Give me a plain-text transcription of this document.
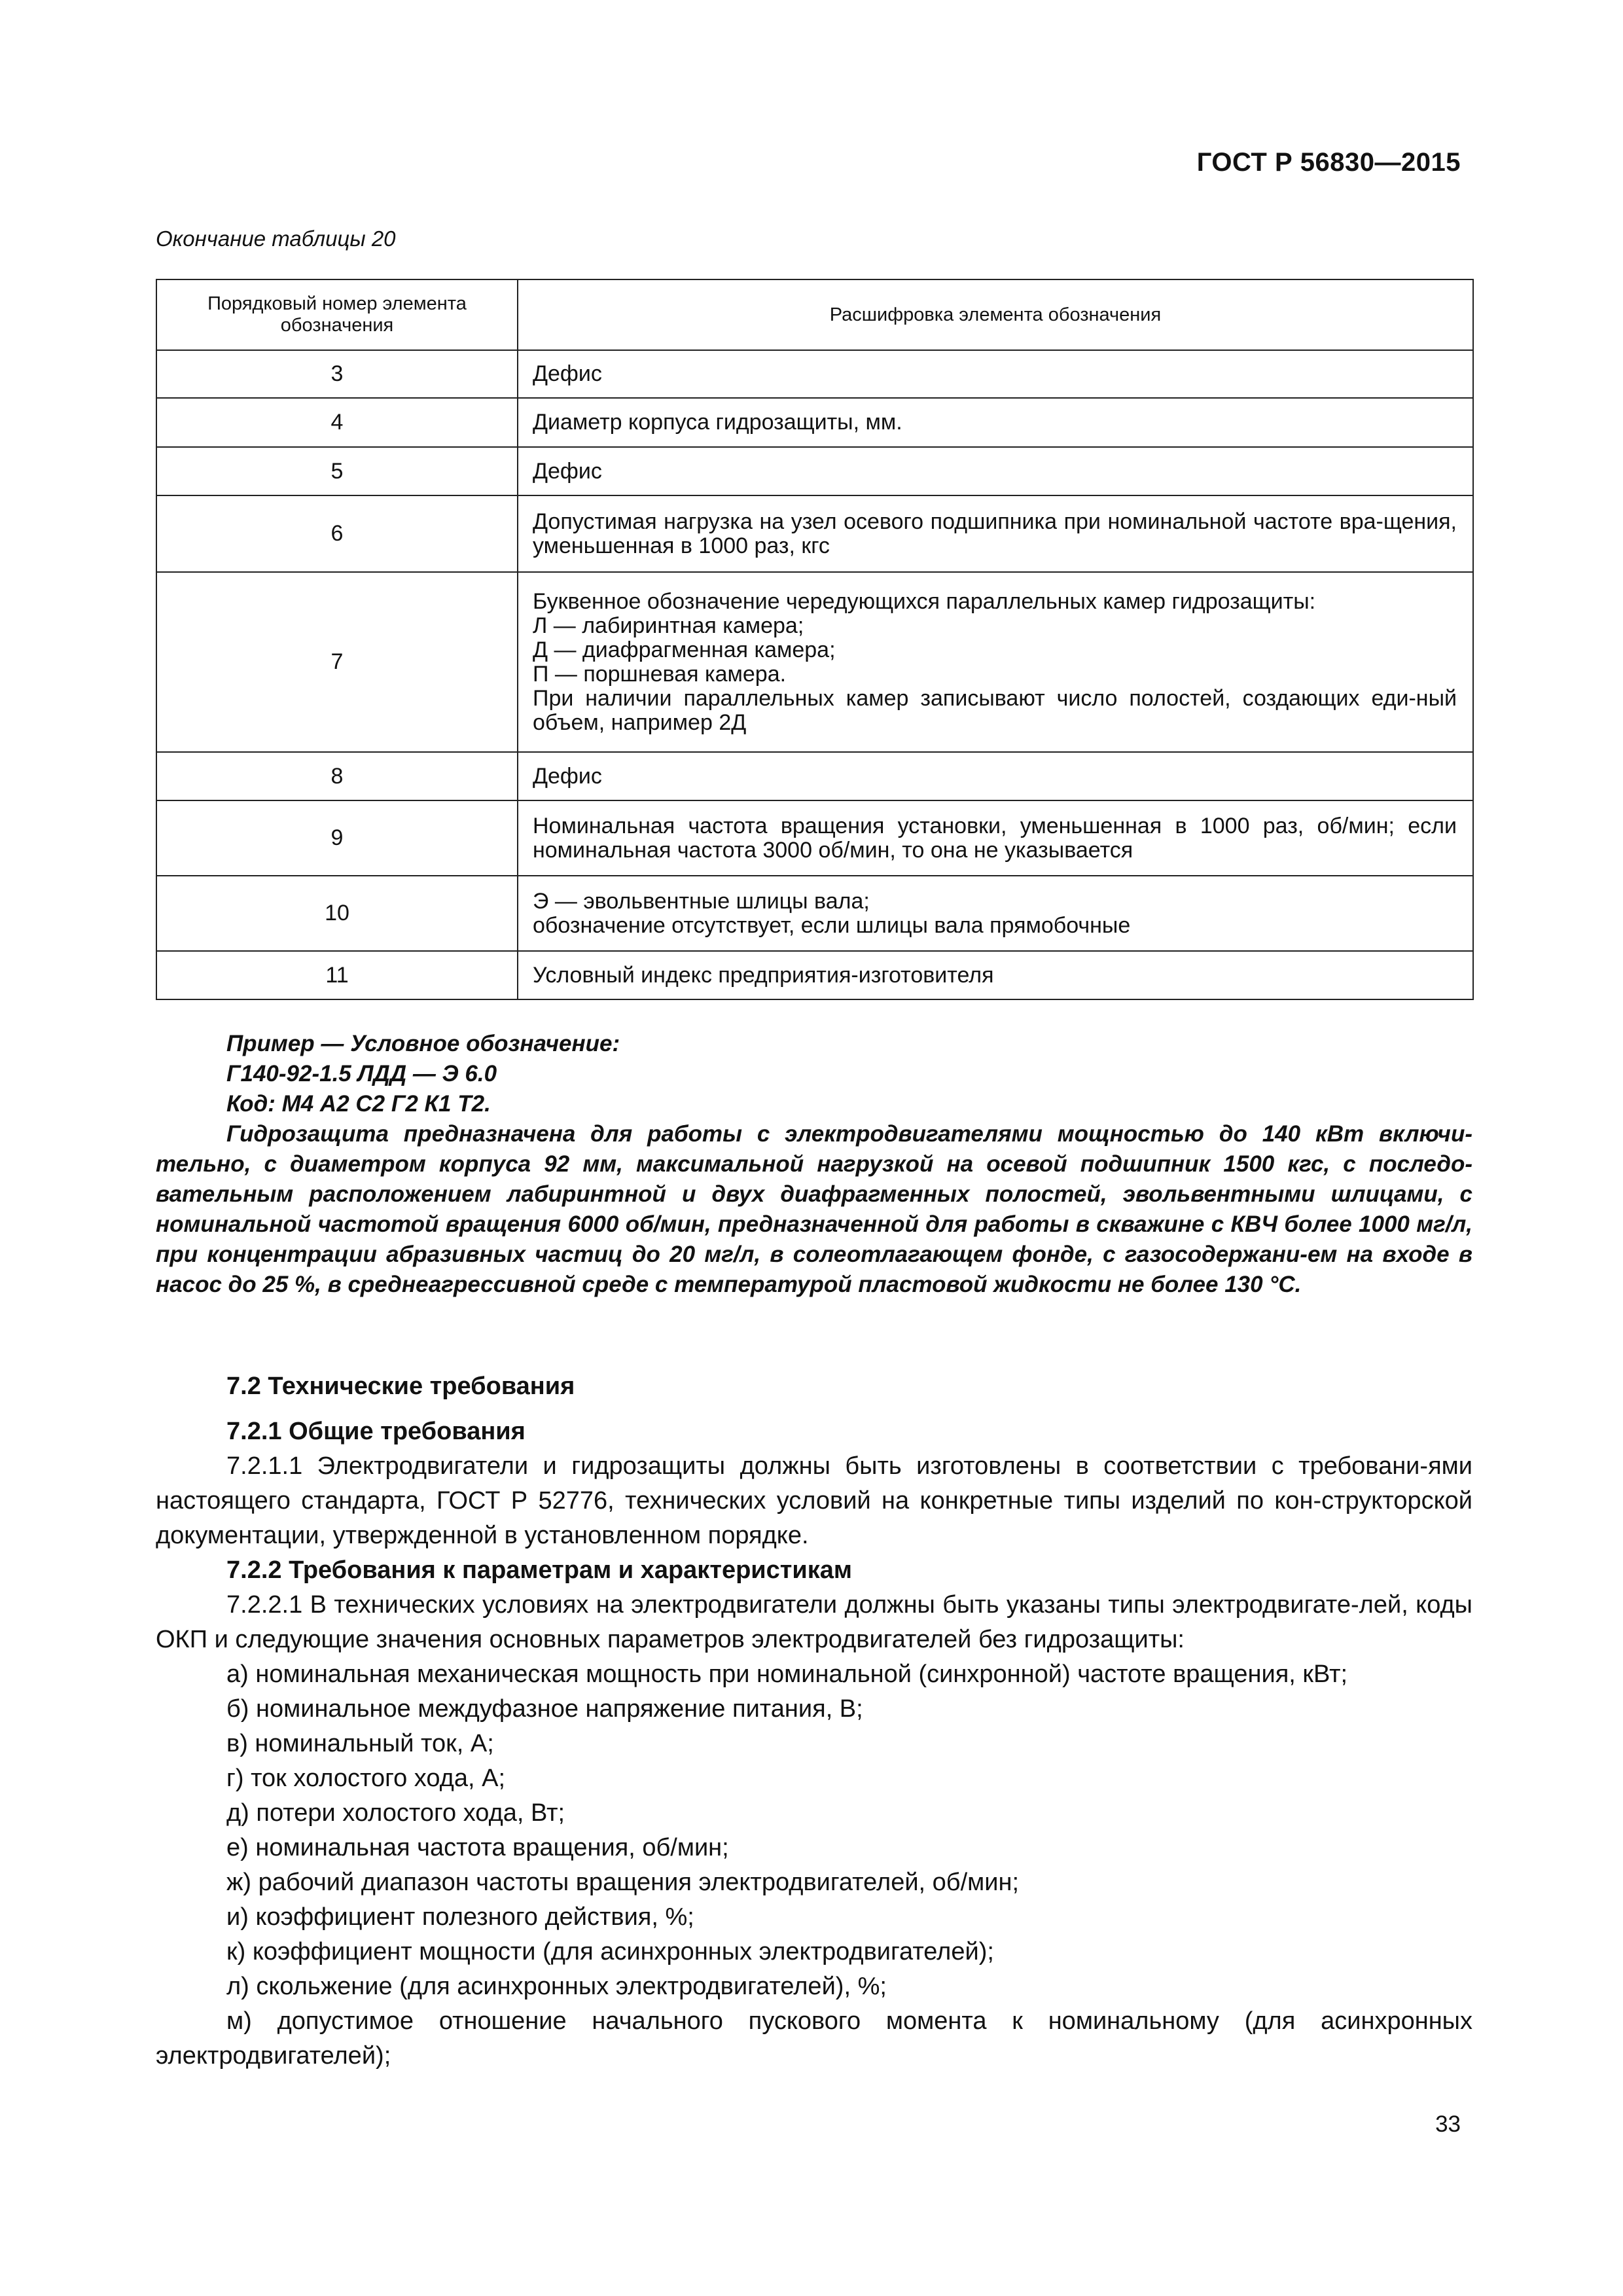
ГОСТ Р 56830—2015
Окончание таблицы 20
Порядковый номер элемента обозначения	Расшифровка элемента обозначения
3	Дефис
4	Диаметр корпуса гидрозащиты, мм.
5	Дефис
6	Допустимая нагрузка на узел осевого подшипника при номинальной частоте вра-щения, уменьшенная в 1000 раз, кгс
7	Буквенное обозначение чередующихся параллельных камер гидрозащиты:
Л — лабиринтная камера;
Д — диафрагменная камера;
П — поршневая камера.
При наличии параллельных камер записывают число полостей, создающих еди-ный объем, например 2Д

8	Дефис
9	Номинальная частота вращения установки, уменьшенная в 1000 раз, об/мин; если номинальная частота 3000 об/мин, то она не указывается
10	Э — эвольвентные шлицы вала;
обозначение отсутствует, если шлицы вала прямобочные

11	Условный индекс предприятия-изготовителя

Пример — Условное обозначение:

Г140-92-1.5 ЛДД — Э 6.0

Код: М4 А2 С2 Г2 К1 Т2.

Гидрозащита предназначена для работы с электродвигателями мощностью до 140 кВт включи-тельно, с диаметром корпуса 92 мм, максимальной нагрузкой на осевой подшипник 1500 кгс, с последо-вательным расположением лабиринтной и двух диафрагменных полостей, эвольвентными шлицами, с номинальной частотой вращения 6000 об/мин, предназначенной для работы в скважине с КВЧ более 1000 мг/л, при концентрации абразивных частиц до 20 мг/л, в солеотлагающем фонде, с газосодержани-ем на входе в насос до 25 %, в среднеагрессивной среде с температурой пластовой жидкости не более 130 °С.

7.2 Технические требования

7.2.1 Общие требования

7.2.1.1 Электродвигатели и гидрозащиты должны быть изготовлены в соответствии с требовани-ями настоящего стандарта, ГОСТ Р 52776, технических условий на конкретные типы изделий по кон-структорской документации, утвержденной в установленном порядке.

7.2.2 Требования к параметрам и характеристикам

7.2.2.1 В технических условиях на электродвигатели должны быть указаны типы электродвигате-лей, коды ОКП и следующие значения основных параметров электродвигателей без гидрозащиты:

а) номинальная механическая мощность при номинальной (синхронной) частоте вращения, кВт;

б) номинальное междуфазное напряжение питания, В;

в) номинальный ток, А;

г) ток холостого хода, А;

д) потери холостого хода, Вт;

е) номинальная частота вращения, об/мин;

ж) рабочий диапазон частоты вращения электродвигателей, об/мин;

и) коэффициент полезного действия, %;

к) коэффициент мощности (для асинхронных электродвигателей);

л) скольжение (для асинхронных электродвигателей), %;

м) допустимое отношение начального пускового момента к номинальному (для асинхронных электродвигателей);

33
